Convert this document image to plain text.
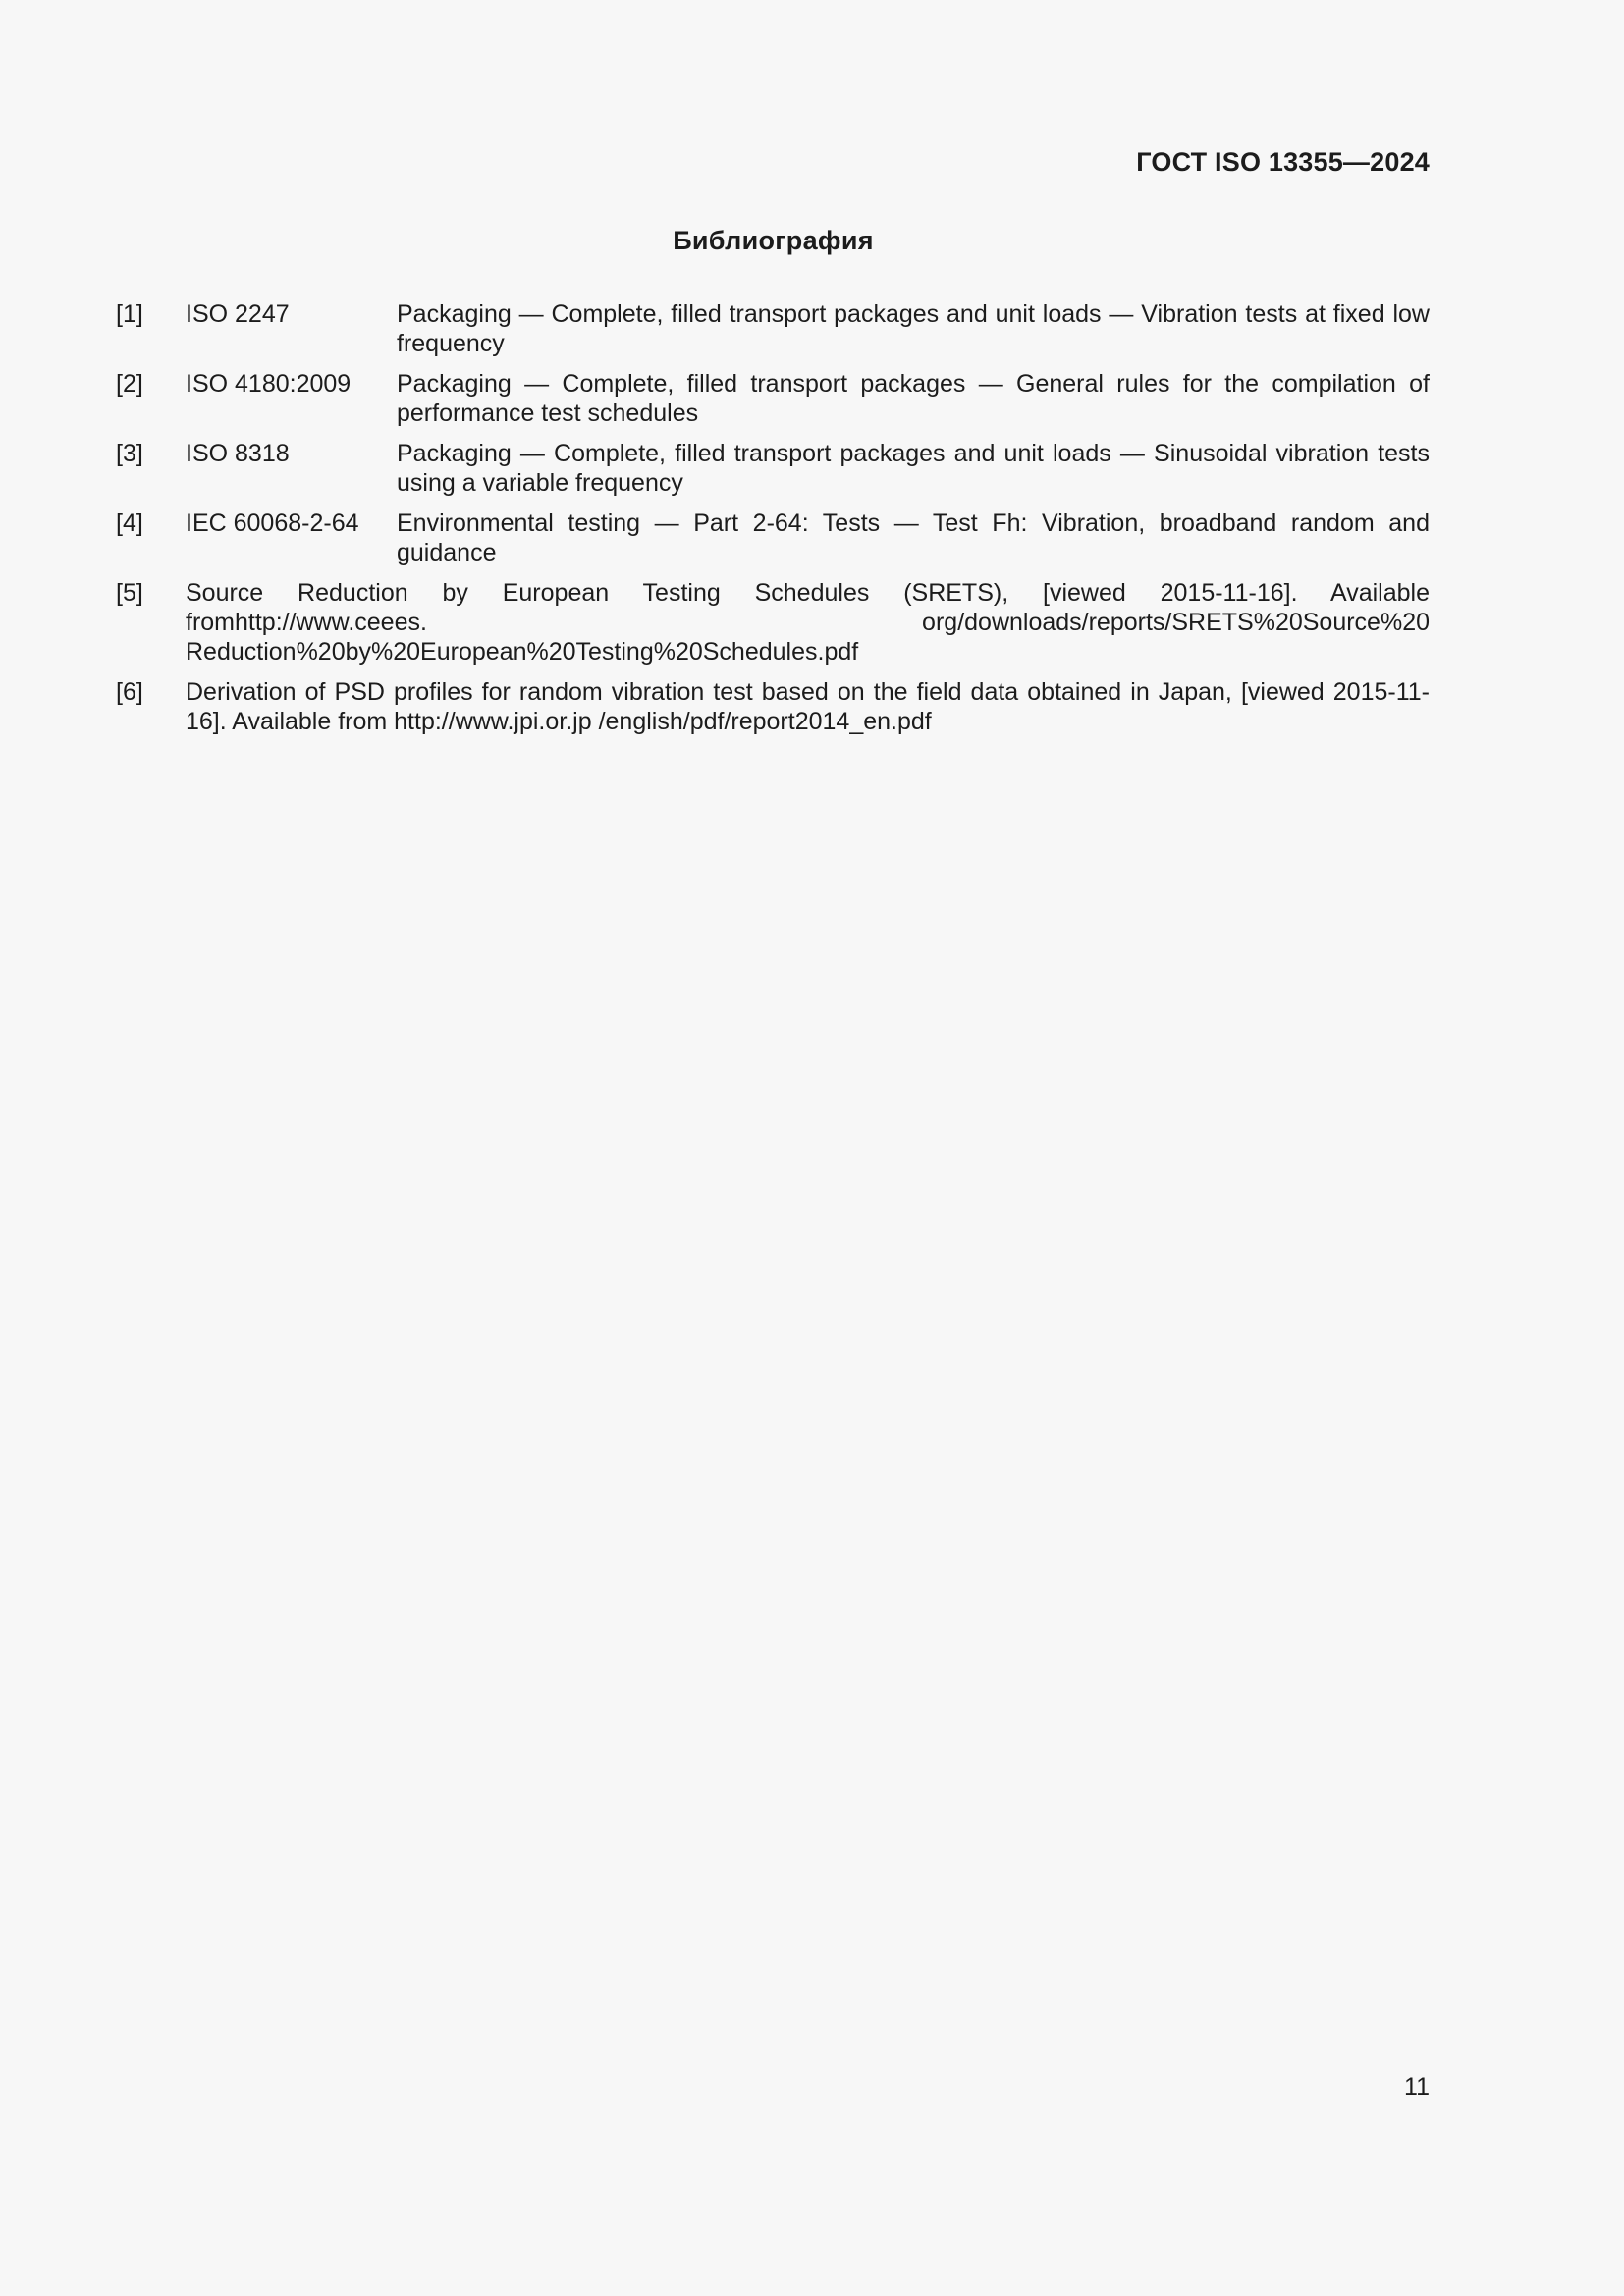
ГОСТ ISO 13355—2024
Библиография
[1] ISO 2247	Packaging — Complete, filled transport packages and unit loads — Vibration tests at fixed low frequency
[2] ISO 4180:2009 Packaging — Complete, filled transport packages — General rules for the compilation of performance test schedules
[3] ISO 8318	Packaging — Complete, filled transport packages and unit loads — Sinusoidal vibration tests using a variable frequency
[4] IEC 60068-2-64 Environmental testing — Part 2-64: Tests — Test Fh: Vibration, broadband random and guidance
[5] Source Reduction by European Testing Schedules (SRETS), [viewed 2015-11-16]. Available fromhttp://www.ceees. org/downloads/reports/SRETS%20Source%20 Reduction%20by%20European%20Testing%20Schedules.pdf
[6] Derivation of PSD profiles for random vibration test based on the field data obtained in Japan, [viewed 2015-11-16]. Available from http://www.jpi.or.jp /english/pdf/report2014_en.pdf
11
